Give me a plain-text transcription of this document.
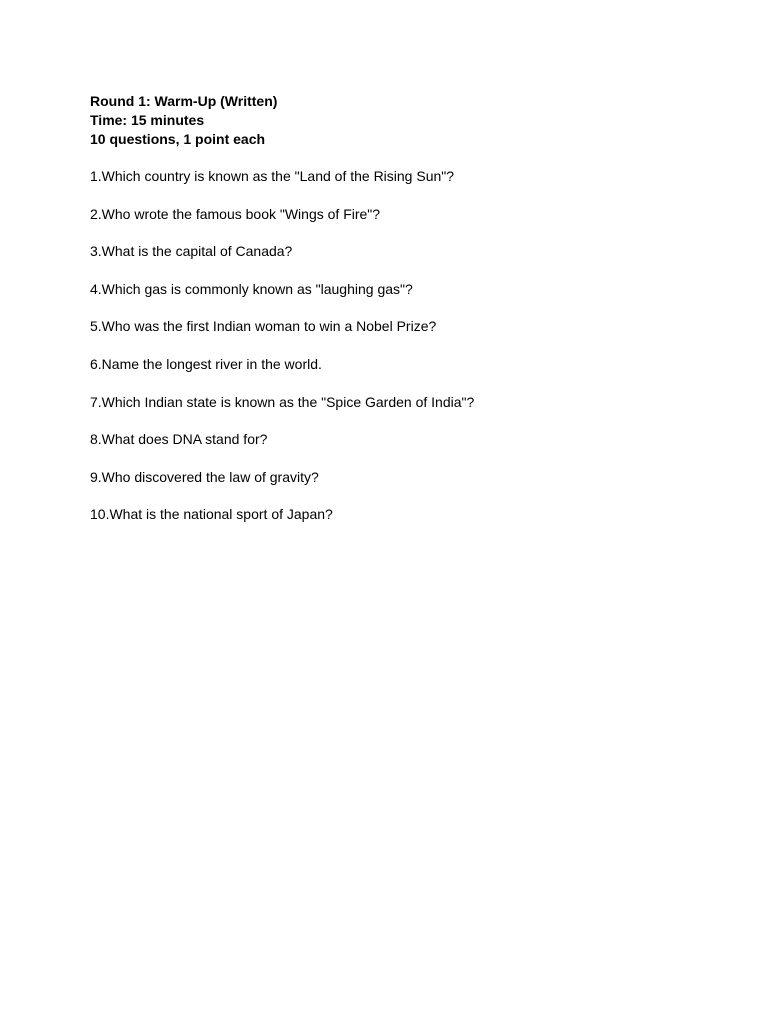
Round 1: Warm-Up (Written)

Time: 15 minutes

10 questions, 1 point each

1.Which country is known as the "Land of the Rising Sun"?
2.Who wrote the famous book "Wings of Fire"?
3.What is the capital of Canada?
4.Which gas is commonly known as "laughing gas"?
5.Who was the first Indian woman to win a Nobel Prize?
6.Name the longest river in the world.
7.Which Indian state is known as the "Spice Garden of India"?
8.What does DNA stand for?
9.Who discovered the law of gravity?
10.What is the national sport of Japan?
